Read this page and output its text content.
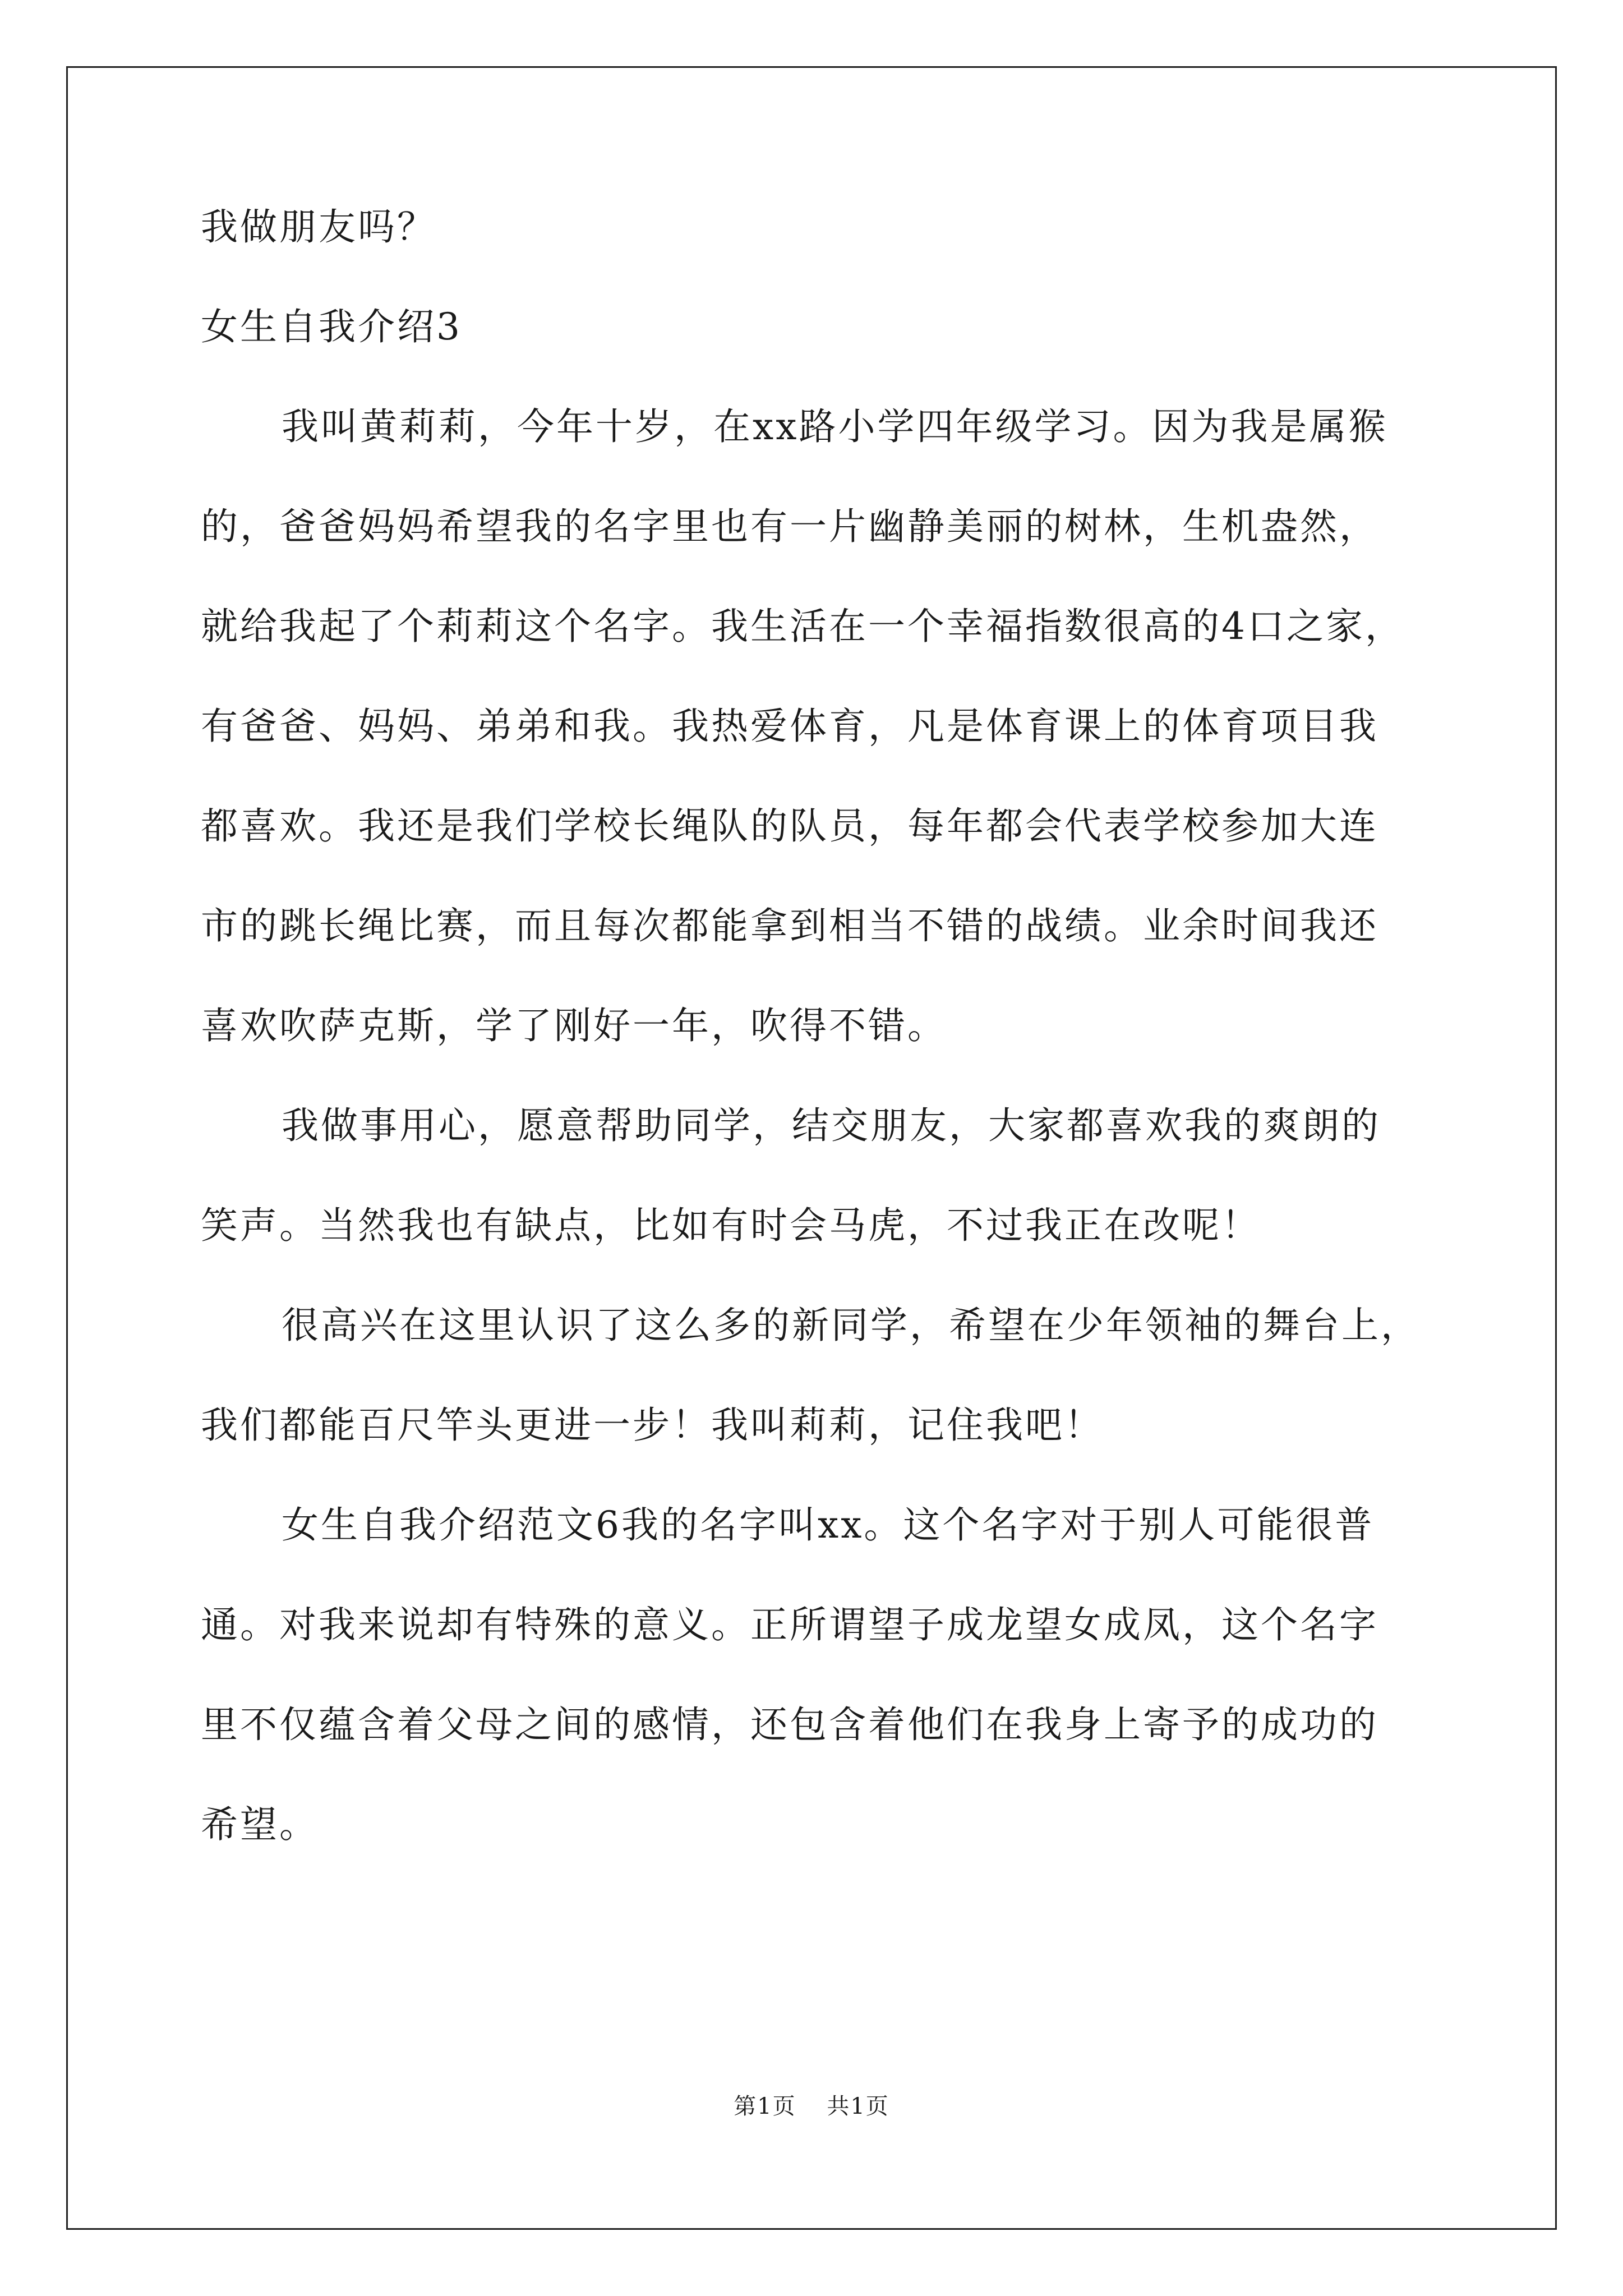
我做朋友吗？
女生自我介绍3
我叫黄莉莉，今年十岁，在xx路小学四年级学习。因为我是属猴
的，爸爸妈妈希望我的名字里也有一片幽静美丽的树林，生机盎然，
就给我起了个莉莉这个名字。我生活在一个幸福指数很高的4口之家，
有爸爸、妈妈、弟弟和我。我热爱体育，凡是体育课上的体育项目我
都喜欢。我还是我们学校长绳队的队员，每年都会代表学校参加大连
市的跳长绳比赛，而且每次都能拿到相当不错的战绩。业余时间我还
喜欢吹萨克斯，学了刚好一年，吹得不错。
我做事用心，愿意帮助同学，结交朋友，大家都喜欢我的爽朗的
笑声。当然我也有缺点，比如有时会马虎，不过我正在改呢！
很高兴在这里认识了这么多的新同学，希望在少年领袖的舞台上，
我们都能百尺竿头更进一步！我叫莉莉，记住我吧！
女生自我介绍范文6我的名字叫xx。这个名字对于别人可能很普
通。对我来说却有特殊的意义。正所谓望子成龙望女成凤，这个名字
里不仅蕴含着父母之间的感情，还包含着他们在我身上寄予的成功的
希望。
第1页 共1页
